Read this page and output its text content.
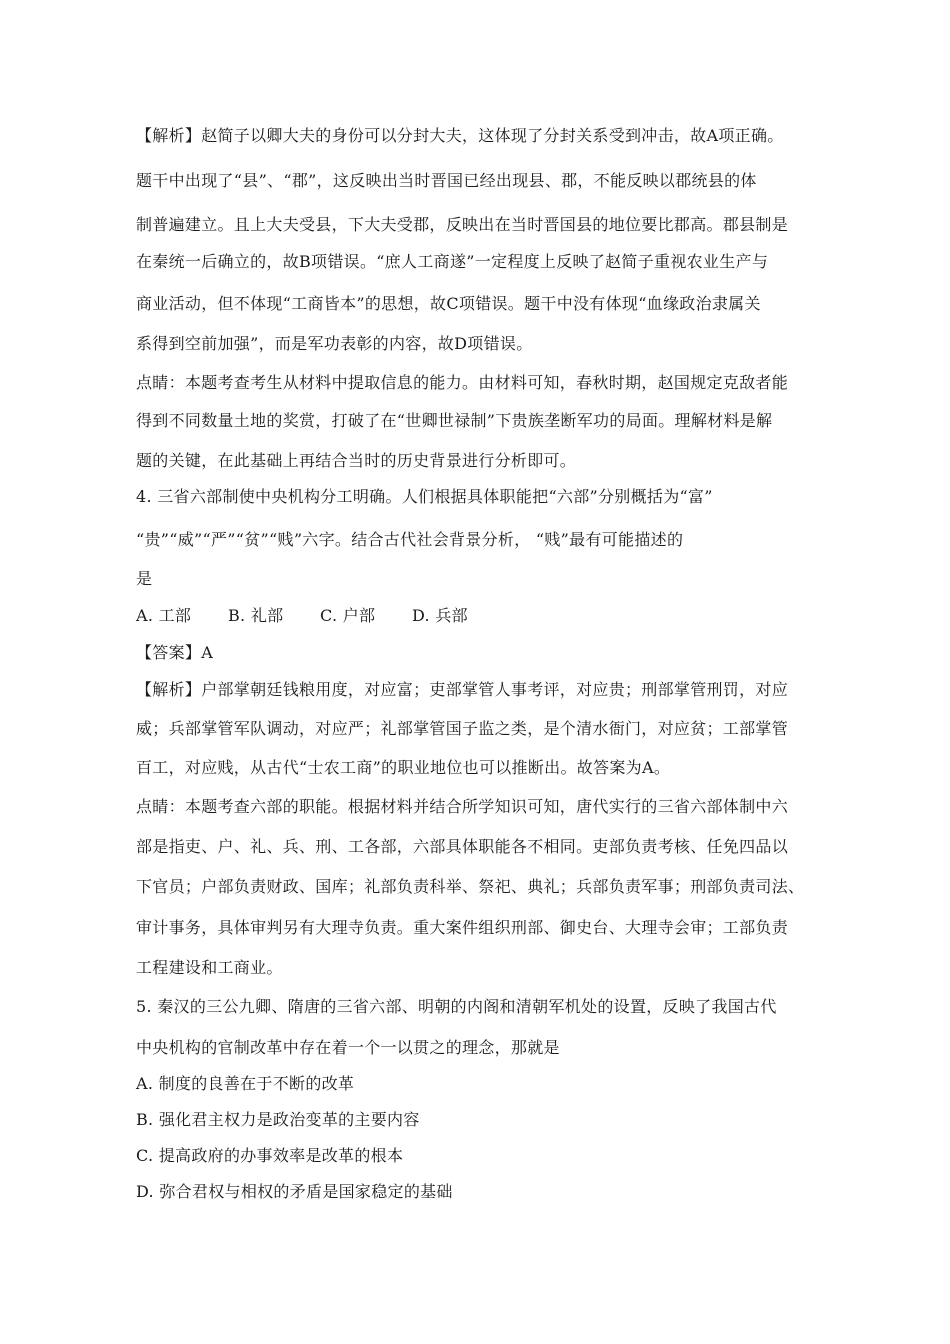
【解析】赵简子以卿大夫的身份可以分封大夫，这体现了分封关系受到冲击，故A项正确。
题干中出现了“县”、“郡”，这反映出当时晋国已经出现县、郡，不能反映以郡统县的体
制普遍建立。且上大夫受县，下大夫受郡，反映出在当时晋国县的地位要比郡高。郡县制是
在秦统一后确立的，故B项错误。“庶人工商遂”一定程度上反映了赵简子重视农业生产与
商业活动，但不体现“工商皆本”的思想，故C项错误。题干中没有体现“血缘政治隶属关
系得到空前加强”，而是军功表彰的内容，故D项错误。
点睛：本题考查考生从材料中提取信息的能力。由材料可知，春秋时期，赵国规定克敌者能
得到不同数量土地的奖赏，打破了在“世卿世禄制”下贵族垄断军功的局面。理解材料是解
题的关键，在此基础上再结合当时的历史背景进行分析即可。
4. 三省六部制使中央机构分工明确。人们根据具体职能把“六部”分别概括为“富”
“贵”“威”“严”“贫”“贱”六字。结合古代社会背景分析， “贱”最有可能描述的
是
A. 工部 B. 礼部 C. 户部 D. 兵部
【答案】A
【解析】户部掌朝廷钱粮用度，对应富；吏部掌管人事考评，对应贵；刑部掌管刑罚，对应
威；兵部掌管军队调动，对应严；礼部掌管国子监之类，是个清水衙门，对应贫；工部掌管
百工，对应贱，从古代“士农工商”的职业地位也可以推断出。故答案为A。
点睛：本题考查六部的职能。根据材料并结合所学知识可知，唐代实行的三省六部体制中六
部是指吏、户、礼、兵、刑、工各部，六部具体职能各不相同。吏部负责考核、任免四品以
下官员；户部负责财政、国库；礼部负责科举、祭祀、典礼；兵部负责军事；刑部负责司法、
审计事务，具体审判另有大理寺负责。重大案件组织刑部、御史台、大理寺会审；工部负责
工程建设和工商业。
5. 秦汉的三公九卿、隋唐的三省六部、明朝的内阁和清朝军机处的设置，反映了我国古代
中央机构的官制改革中存在着一个一以贯之的理念，那就是
A. 制度的良善在于不断的改革
B. 强化君主权力是政治变革的主要内容
C. 提高政府的办事效率是改革的根本
D. 弥合君权与相权的矛盾是国家稳定的基础
